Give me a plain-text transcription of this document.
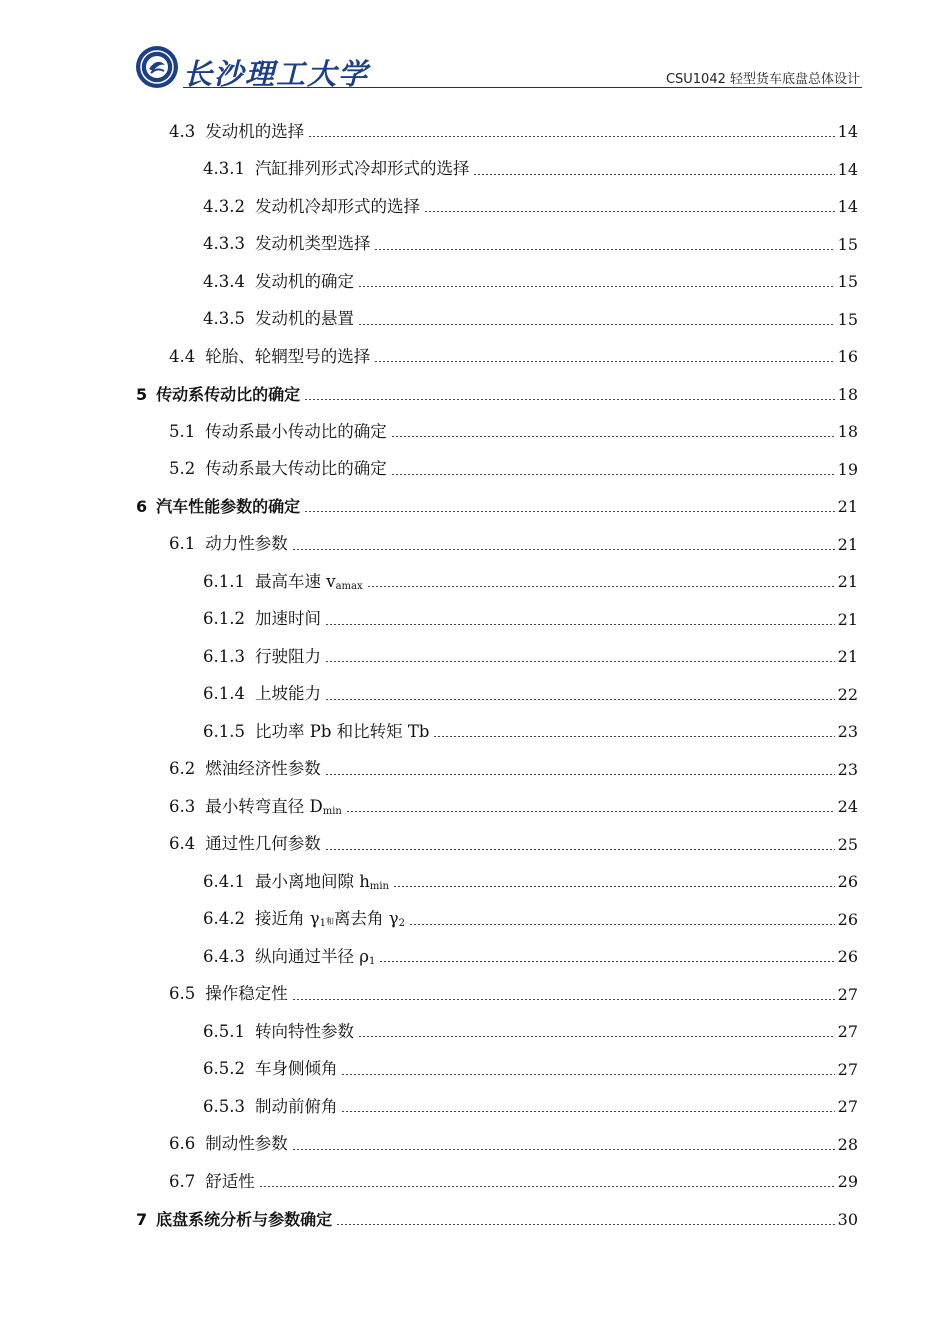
长沙理工大学	CSU1042 轻型货车底盘总体设计
4.3 发动机的选择	14
4.3.1 汽缸排列形式冷却形式的选择	14
4.3.2 发动机冷却形式的选择	14
4.3.3 发动机类型选择	15
4.3.4 发动机的确定	15
4.3.5 发动机的悬置	15
4.4 轮胎、轮辋型号的选择	16
5 传动系传动比的确定	18
5.1 传动系最小传动比的确定	18
5.2 传动系最大传动比的确定	19
6 汽车性能参数的确定	21
6.1 动力性参数	21
6.1.1 最高车速 $v_{amax}$	21
6.1.2 加速时间	21
6.1.3 行驶阻力	21
6.1.4 上坡能力	22
6.1.5 比功率 Pb 和比转矩 Tb	23
6.2 燃油经济性参数	23
6.3 最小转弯直径 $D_{min}$	24
6.4 通过性几何参数	25
6.4.1 最小离地间隙 $h_{min}$	26
6.4.2 接近角 $\gamma_1$和离去角 $\gamma_2$	26
6.4.3 纵向通过半径 $\rho_1$	26
6.5 操作稳定性	27
6.5.1 转向特性参数	27
6.5.2 车身侧倾角	27
6.5.3 制动前俯角	27
6.6 制动性参数	28
6.7 舒适性	29
7 底盘系统分析与参数确定	30
